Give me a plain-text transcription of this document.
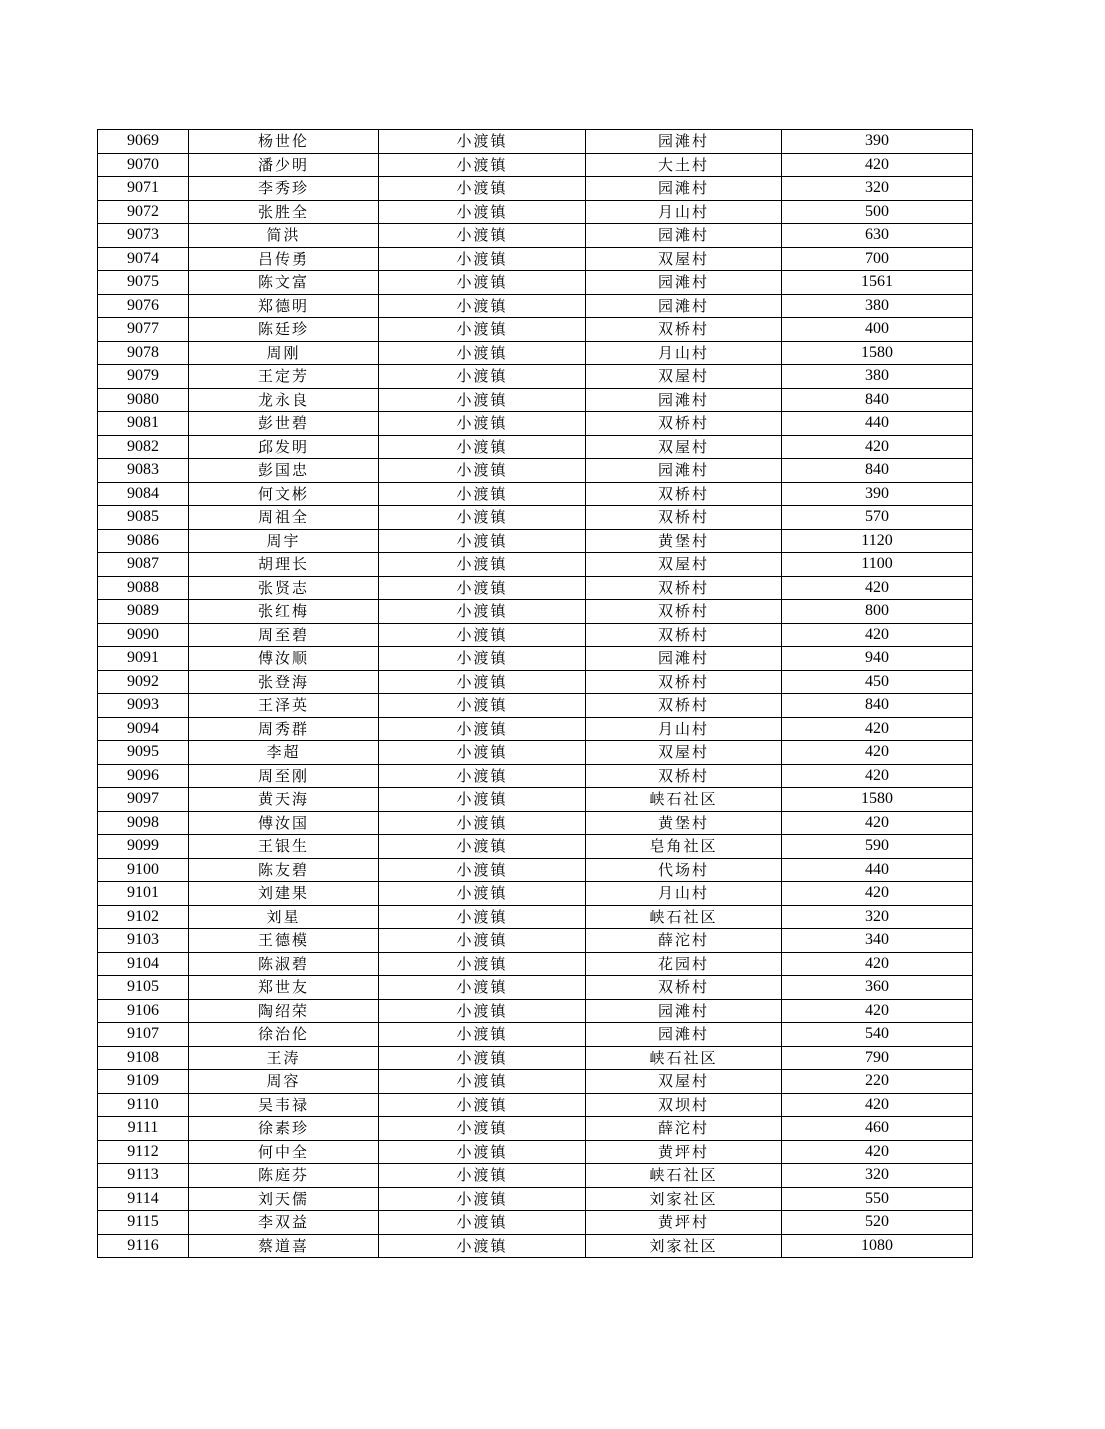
9069	杨世伦	小渡镇	园滩村	390
9070	潘少明	小渡镇	大土村	420
9071	李秀珍	小渡镇	园滩村	320
9072	张胜全	小渡镇	月山村	500
9073	简洪	小渡镇	园滩村	630
9074	吕传勇	小渡镇	双屋村	700
9075	陈文富	小渡镇	园滩村	1561
9076	郑德明	小渡镇	园滩村	380
9077	陈廷珍	小渡镇	双桥村	400
9078	周刚	小渡镇	月山村	1580
9079	王定芳	小渡镇	双屋村	380
9080	龙永良	小渡镇	园滩村	840
9081	彭世碧	小渡镇	双桥村	440
9082	邱发明	小渡镇	双屋村	420
9083	彭国忠	小渡镇	园滩村	840
9084	何文彬	小渡镇	双桥村	390
9085	周祖全	小渡镇	双桥村	570
9086	周宇	小渡镇	黄堡村	1120
9087	胡理长	小渡镇	双屋村	1100
9088	张贤志	小渡镇	双桥村	420
9089	张红梅	小渡镇	双桥村	800
9090	周至碧	小渡镇	双桥村	420
9091	傅汝顺	小渡镇	园滩村	940
9092	张登海	小渡镇	双桥村	450
9093	王泽英	小渡镇	双桥村	840
9094	周秀群	小渡镇	月山村	420
9095	李超	小渡镇	双屋村	420
9096	周至刚	小渡镇	双桥村	420
9097	黄天海	小渡镇	峡石社区	1580
9098	傅汝国	小渡镇	黄堡村	420
9099	王银生	小渡镇	皂角社区	590
9100	陈友碧	小渡镇	代场村	440
9101	刘建果	小渡镇	月山村	420
9102	刘星	小渡镇	峡石社区	320
9103	王德模	小渡镇	薛沱村	340
9104	陈淑碧	小渡镇	花园村	420
9105	郑世友	小渡镇	双桥村	360
9106	陶绍荣	小渡镇	园滩村	420
9107	徐治伦	小渡镇	园滩村	540
9108	王涛	小渡镇	峡石社区	790
9109	周容	小渡镇	双屋村	220
9110	吴韦禄	小渡镇	双坝村	420
9111	徐素珍	小渡镇	薛沱村	460
9112	何中全	小渡镇	黄坪村	420
9113	陈庭芬	小渡镇	峡石社区	320
9114	刘天儒	小渡镇	刘家社区	550
9115	李双益	小渡镇	黄坪村	520
9116	蔡道喜	小渡镇	刘家社区	1080
